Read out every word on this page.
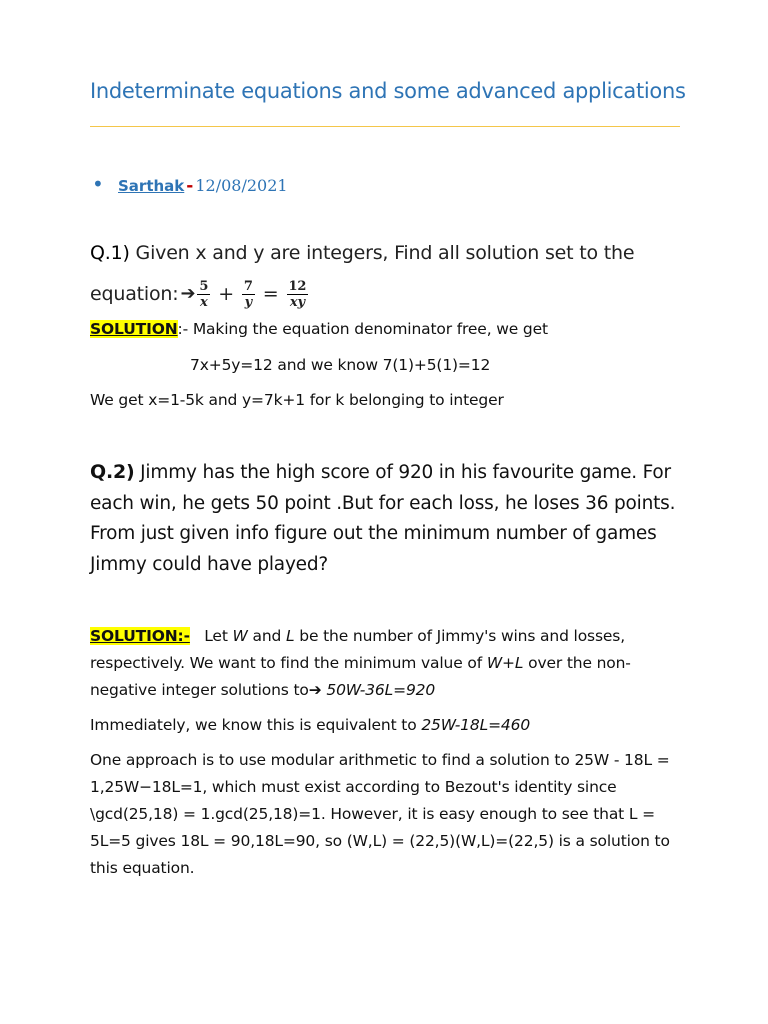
Indeterminate equations and some advanced applications
• Sarthak - 12/08/2021
Q.1) Given x and y are integers, Find all solution set to the
equation: ➔ $\frac{5}{x} + \frac{7}{y} = \frac{12}{xy}$
SOLUTION:- Making the equation denominator free, we get
7x+5y=12 and we know 7(1)+5(1)=12
We get x=1-5k and y=7k+1 for k belonging to integer
Q.2) Jimmy has the high score of 920 in his favourite game. For each win, he gets 50 point .But for each loss, he loses 36 points. From just given info figure out the minimum number of games Jimmy could have played?
SOLUTION:- Let W and L be the number of Jimmy's wins and losses, respectively. We want to find the minimum value of W+L over the non-negative integer solutions to➔ 50W-36L=920
Immediately, we know this is equivalent to 25W-18L=460
One approach is to use modular arithmetic to find a solution to 25W - 18L = 1,25W−18L=1, which must exist according to Bezout's identity since \gcd(25,18) = 1.gcd(25,18)=1. However, it is easy enough to see that L = 5L=5 gives 18L = 90,18L=90, so (W,L) = (22,5)(W,L)=(22,5) is a solution to this equation.
